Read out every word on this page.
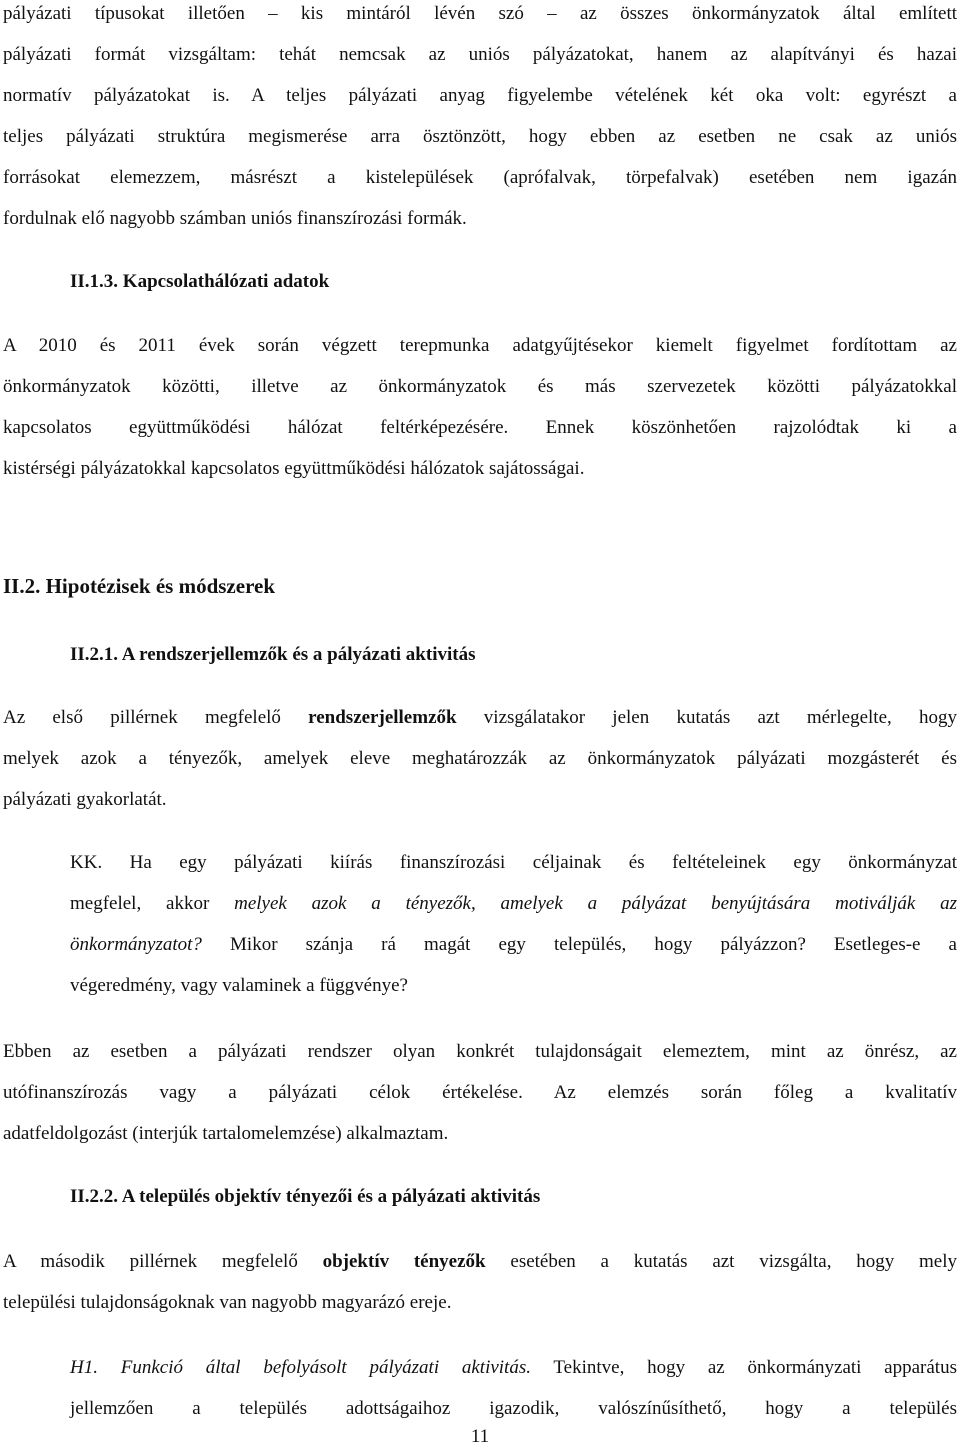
pályázati típusokat illetően – kis mintáról lévén szó – az összes önkormányzatok által említett
pályázati formát vizsgáltam: tehát nemcsak az uniós pályázatokat, hanem az alapítványi és hazai
normatív pályázatokat is. A teljes pályázati anyag figyelembe vételének két oka volt: egyrészt a
teljes pályázati struktúra megismerése arra ösztönzött, hogy ebben az esetben ne csak az uniós
forrásokat elemezzem, másrészt a kistelepülések (aprófalvak, törpefalvak) esetében nem igazán
fordulnak elő nagyobb számban uniós finanszírozási formák.
II.1.3. Kapcsolathálózati adatok
A 2010 és 2011 évek során végzett terepmunka adatgyűjtésekor kiemelt figyelmet fordítottam az
önkormányzatok közötti, illetve az önkormányzatok és más szervezetek közötti pályázatokkal
kapcsolatos együttműködési hálózat feltérképezésére. Ennek köszönhetően rajzolódtak ki a
kistérségi pályázatokkal kapcsolatos együttműködési hálózatok sajátosságai.
II.2. Hipotézisek és módszerek
II.2.1. A rendszerjellemzők és a pályázati aktivitás
Az első pillérnek megfelelő rendszerjellemzők vizsgálatakor jelen kutatás azt mérlegelte, hogy
melyek azok a tényezők, amelyek eleve meghatározzák az önkormányzatok pályázati mozgásterét és
pályázati gyakorlatát.
KK. Ha egy pályázati kiírás finanszírozási céljainak és feltételeinek egy önkormányzat
megfelel, akkor melyek azok a tényezők, amelyek a pályázat benyújtására motiválják az
önkormányzatot? Mikor szánja rá magát egy település, hogy pályázzon? Esetleges-e a
végeredmény, vagy valaminek a függvénye?
Ebben az esetben a pályázati rendszer olyan konkrét tulajdonságait elemeztem, mint az önrész, az
utófinanszírozás vagy a pályázati célok értékelése. Az elemzés során főleg a kvalitatív
adatfeldolgozást (interjúk tartalomelemzése) alkalmaztam.
II.2.2. A település objektív tényezői és a pályázati aktivitás
A második pillérnek megfelelő objektív tényezők esetében a kutatás azt vizsgálta, hogy mely
települési tulajdonságoknak van nagyobb magyarázó ereje.
H1. Funkció által befolyásolt pályázati aktivitás. Tekintve, hogy az önkormányzati apparátus
jellemzően a település adottságaihoz igazodik, valószínűsíthető, hogy a település
11
